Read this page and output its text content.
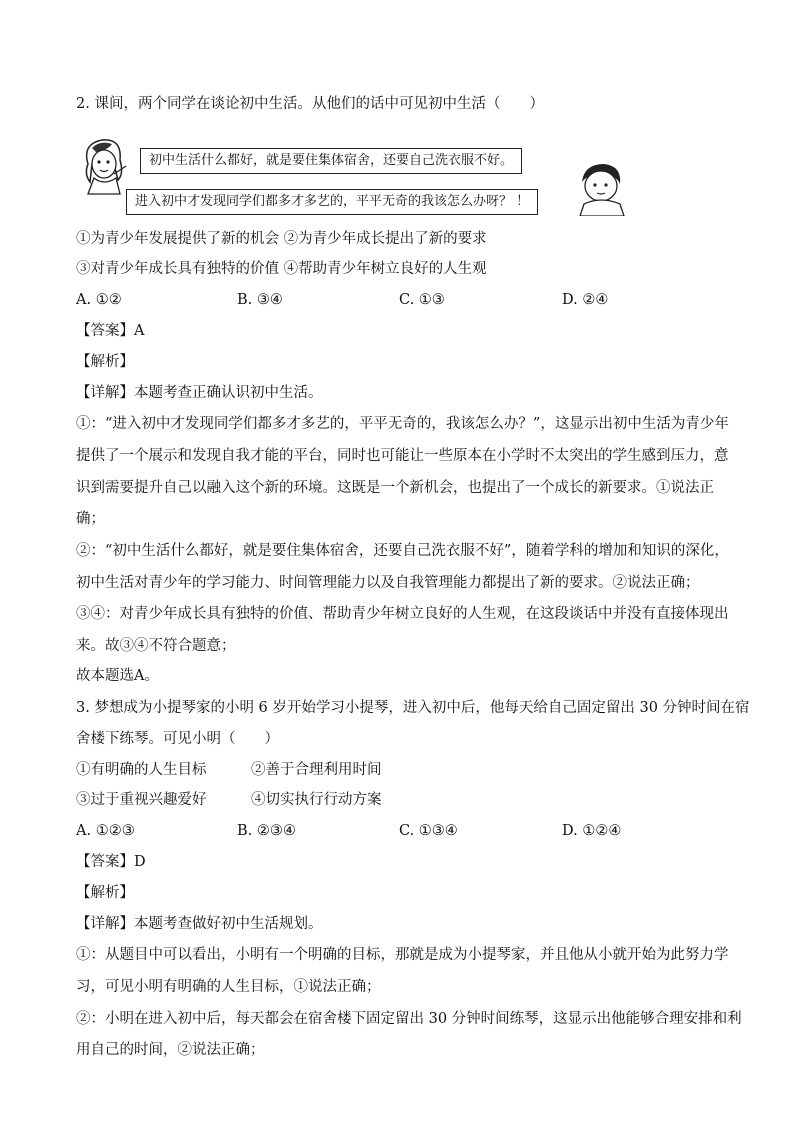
2. 课间，两个同学在谈论初中生活。从他们的话中可见初中生活（　　）
初中生活什么都好，就是要住集体宿舍，还要自己洗衣服不好。
进入初中才发现同学们都多才多艺的，平平无奇的我该怎么办呀？ ！
①为青少年发展提供了新的机会 ②为青少年成长提出了新的要求
③对青少年成长具有独特的价值 ④帮助青少年树立良好的人生观
A. ①②	B. ③④	C. ①③	D. ②④
【答案】A
【解析】
【详解】本题考查正确认识初中生活。
①：“进入初中才发现同学们都多才多艺的，平平无奇的，我该怎么办？”，这显示出初中生活为青少年
提供了一个展示和发现自我才能的平台，同时也可能让一些原本在小学时不太突出的学生感到压力，意
识到需要提升自己以融入这个新的环境。这既是一个新机会，也提出了一个成长的新要求。①说法正
确；
②：“初中生活什么都好，就是要住集体宿舍，还要自己洗衣服不好”，随着学科的增加和知识的深化，
初中生活对青少年的学习能力、时间管理能力以及自我管理能力都提出了新的要求。②说法正确；
③④：对青少年成长具有独特的价值、帮助青少年树立良好的人生观，在这段谈话中并没有直接体现出
来。故③④不符合题意；
故本题选A。
3. 梦想成为小提琴家的小明 6 岁开始学习小提琴，进入初中后，他每天给自己固定留出 30 分钟时间在宿
舍楼下练琴。可见小明（　　）
①有明确的人生目标	②善于合理利用时间
③过于重视兴趣爱好	④切实执行行动方案
A. ①②③	B. ②③④	C. ①③④	D. ①②④
【答案】D
【解析】
【详解】本题考查做好初中生活规划。
①：从题目中可以看出，小明有一个明确的目标，那就是成为小提琴家，并且他从小就开始为此努力学
习，可见小明有明确的人生目标，①说法正确；
②：小明在进入初中后，每天都会在宿舍楼下固定留出 30 分钟时间练琴，这显示出他能够合理安排和利
用自己的时间，②说法正确；
